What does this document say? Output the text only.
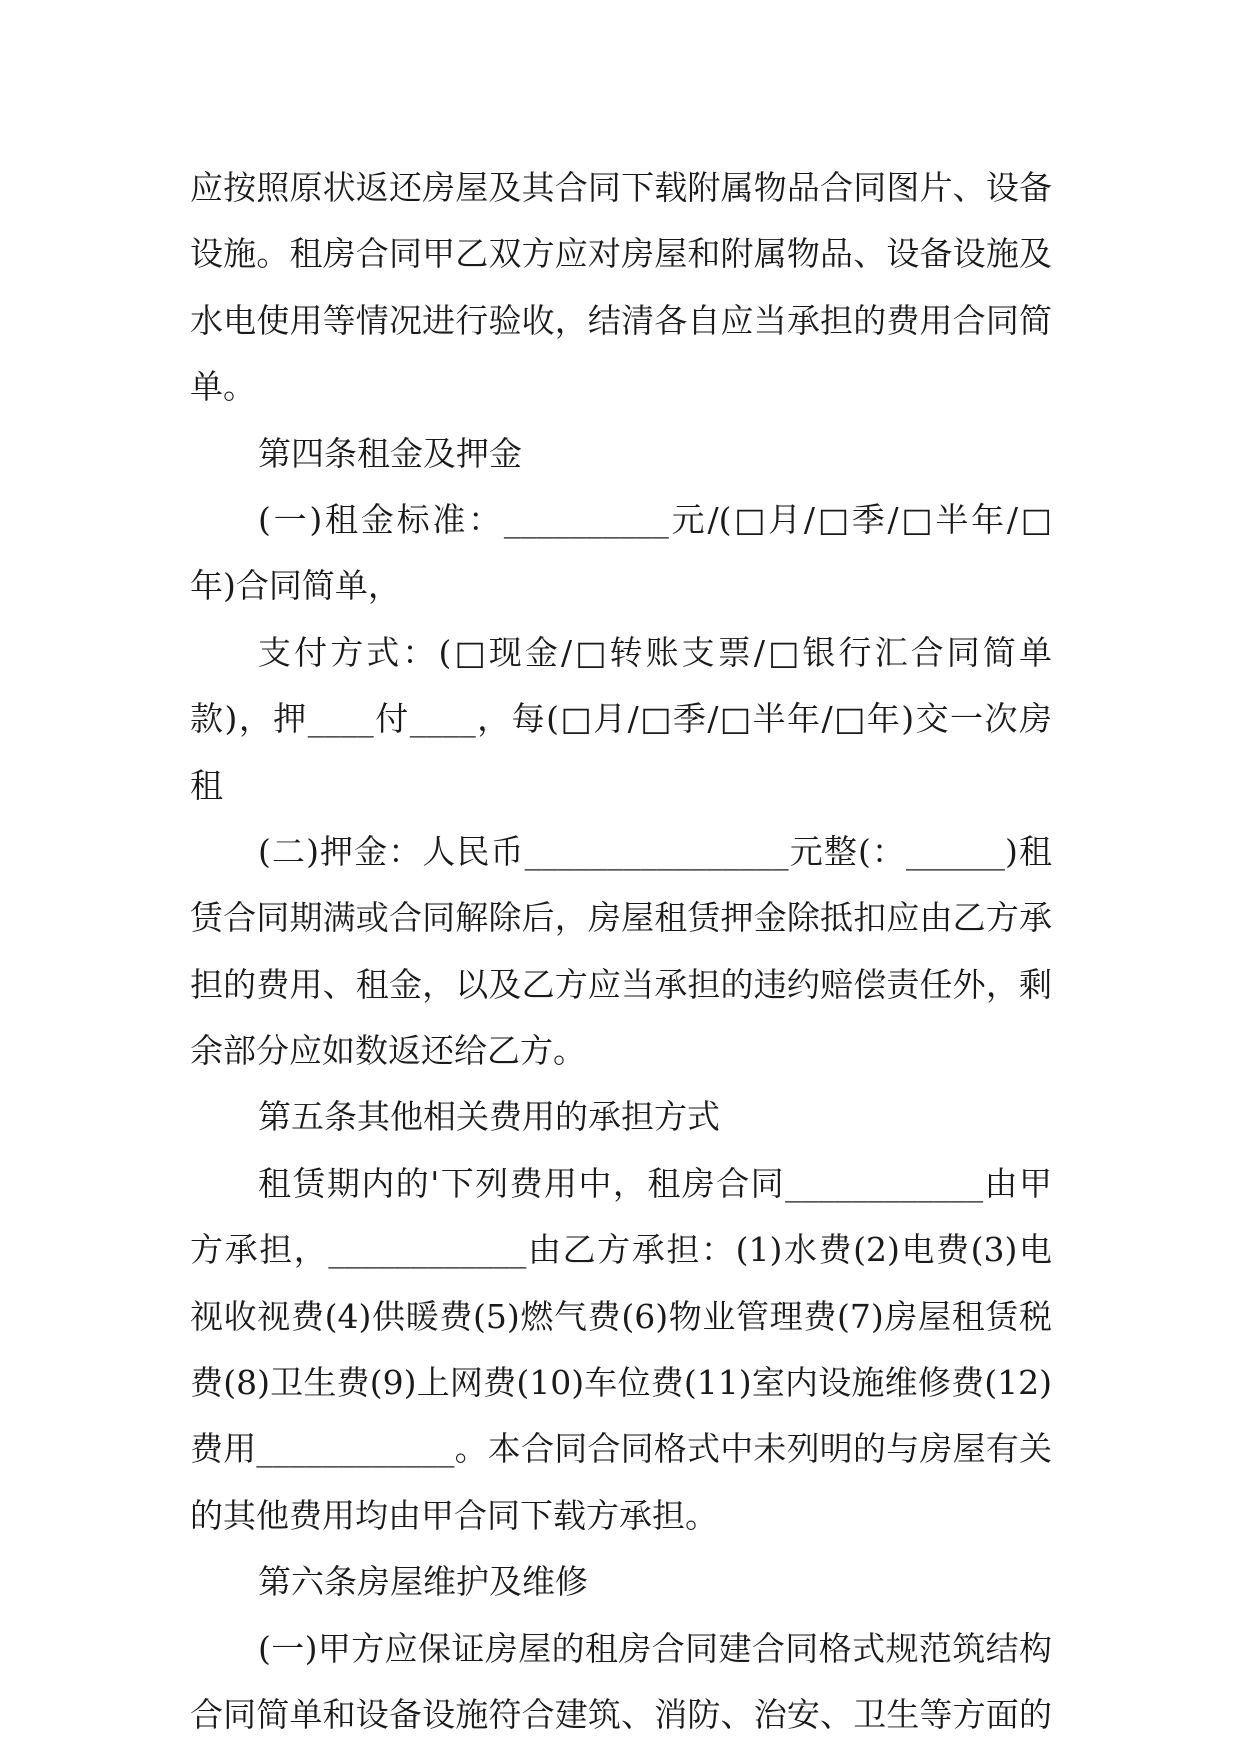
应按照原状返还房屋及其合同下载附属物品合同图片、设备
设施。租房合同甲乙双方应对房屋和附属物品、设备设施及
水电使用等情况进行验收，结清各自应当承担的费用合同简
单。
第四条租金及押金
(一)租金标准：__________元/(□月/□季/□半年/□
年)合同简单，
支付方式：(□现金/□转账支票/□银行汇合同简单
款)，押____付____，每(□月/□季/□半年/□年)交一次房
租
(二)押金：人民币________________元整(：______)租
赁合同期满或合同解除后，房屋租赁押金除抵扣应由乙方承
担的费用、租金，以及乙方应当承担的违约赔偿责任外，剩
余部分应如数返还给乙方。
第五条其他相关费用的承担方式
租赁期内的'下列费用中，租房合同____________由甲
方承担，____________由乙方承担：(1)水费(2)电费(3)电
视收视费(4)供暖费(5)燃气费(6)物业管理费(7)房屋租赁税
费(8)卫生费(9)上网费(10)车位费(11)室内设施维修费(12)
费用____________。本合同合同格式中未列明的与房屋有关
的其他费用均由甲合同下载方承担。
第六条房屋维护及维修
(一)甲方应保证房屋的租房合同建合同格式规范筑结构
合同简单和设备设施符合建筑、消防、治安、卫生等方面的
